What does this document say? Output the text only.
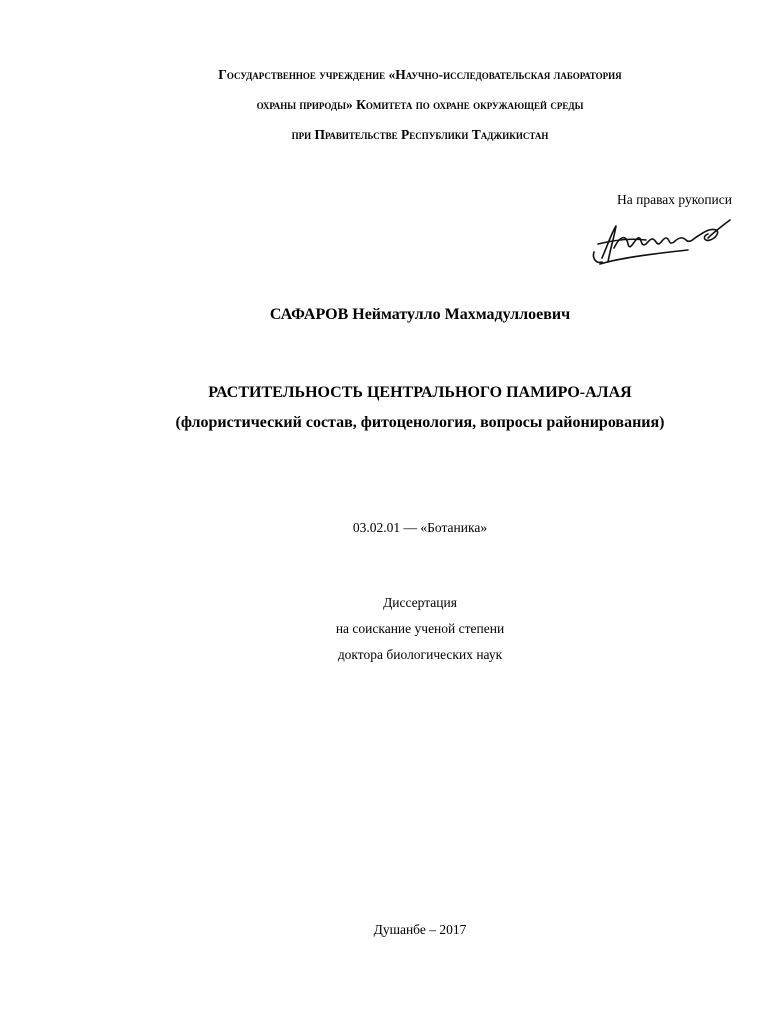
Государственное учреждение «Научно-исследовательская лаборатория
охраны природы» Комитета по охране окружающей среды
при Правительстве Республики Таджикистан
На правах рукописи
САФАРОВ Нейматулло Махмадуллоевич
РАСТИТЕЛЬНОСТЬ ЦЕНТРАЛЬНОГО ПАМИРО-АЛАЯ
(флористический состав, фитоценология, вопросы районирования)
03.02.01 — «Ботаника»
Диссертация
на соискание ученой степени
доктора биологических наук
Душанбе – 2017
